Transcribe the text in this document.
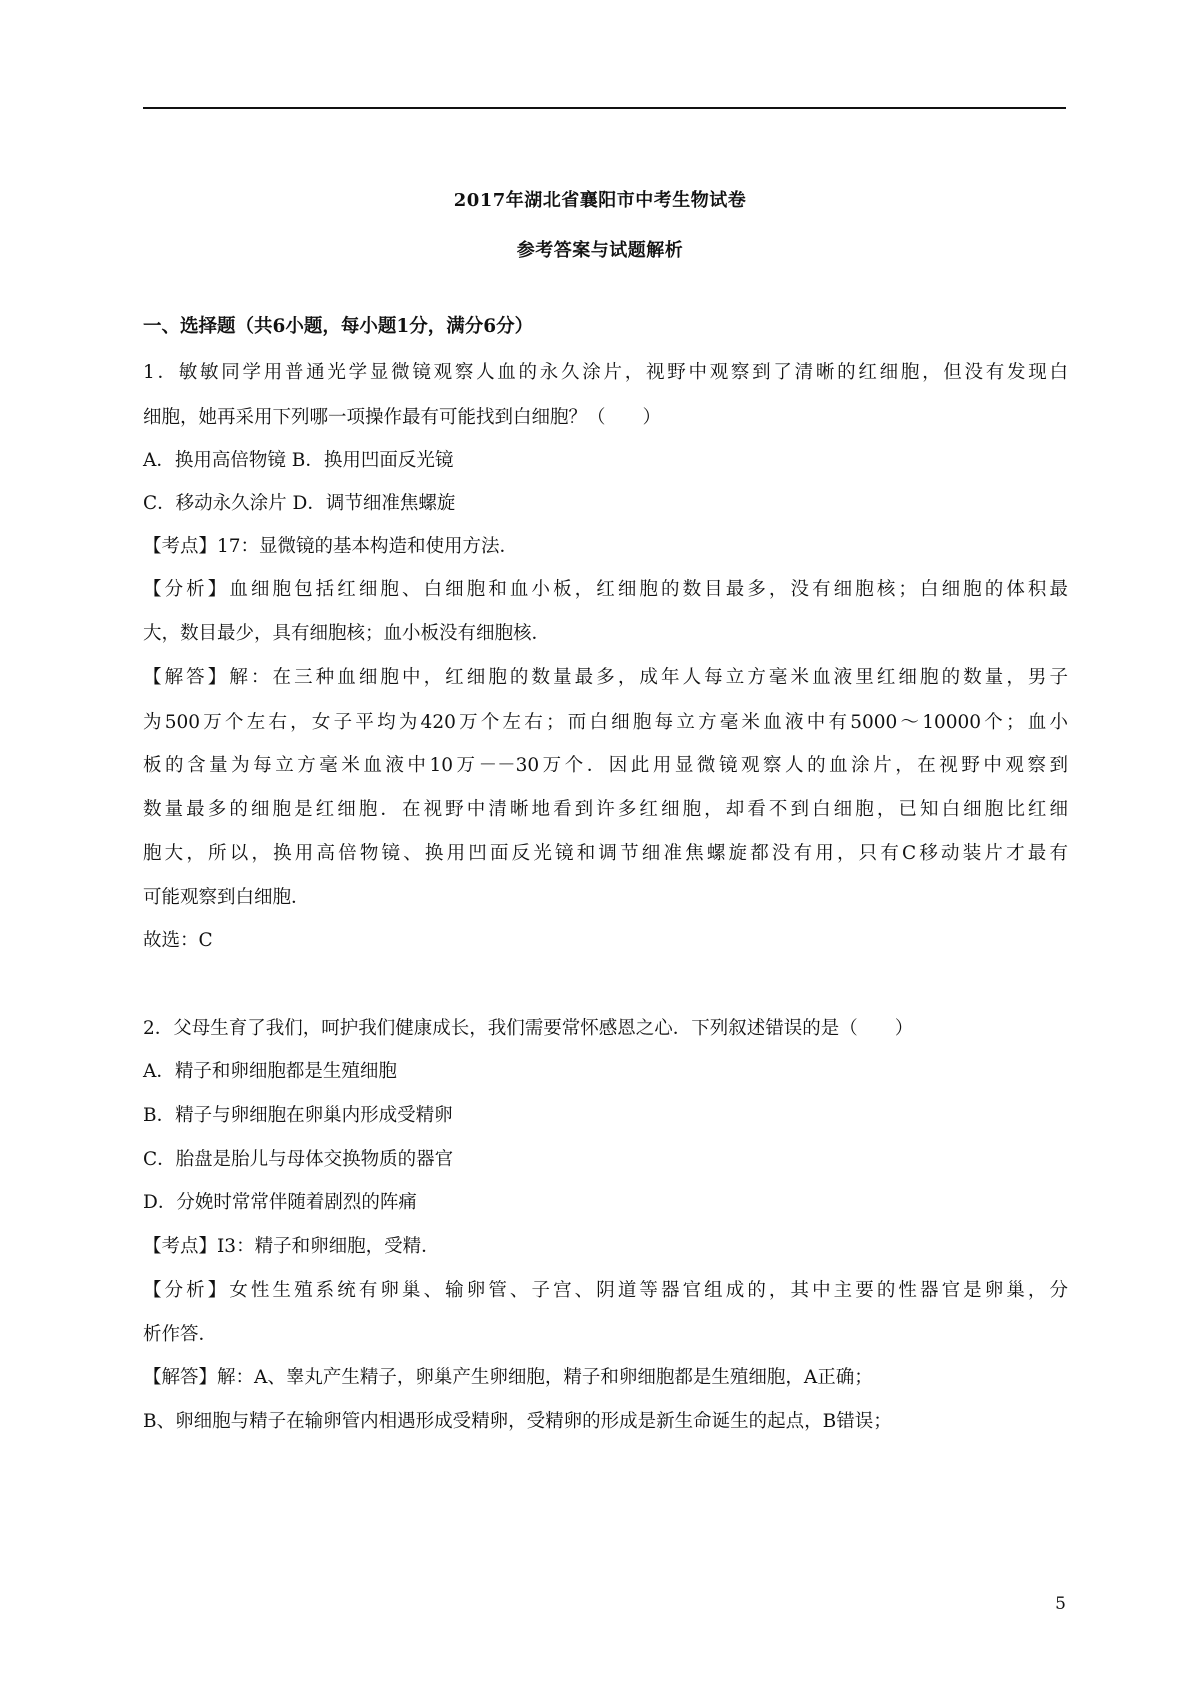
2017年湖北省襄阳市中考生物试卷
参考答案与试题解析
一、选择题（共6小题，每小题1分，满分6分）
1．敏敏同学用普通光学显微镜观察人血的永久涂片，视野中观察到了清晰的红细胞，但没有发现白
细胞，她再采用下列哪一项操作最有可能找到白细胞？（　　）
A．换用高倍物镜 B．换用凹面反光镜
C．移动永久涂片 D．调节细准焦螺旋
【考点】17：显微镜的基本构造和使用方法．
【分析】血细胞包括红细胞、白细胞和血小板，红细胞的数目最多，没有细胞核；白细胞的体积最
大，数目最少，具有细胞核；血小板没有细胞核．
【解答】解：在三种血细胞中，红细胞的数量最多，成年人每立方毫米血液里红细胞的数量，男子
为500万个左右，女子平均为420万个左右；而白细胞每立方毫米血液中有5000～10000个；血小
板的含量为每立方毫米血液中10万－－30万个．因此用显微镜观察人的血涂片，在视野中观察到
数量最多的细胞是红细胞．在视野中清晰地看到许多红细胞，却看不到白细胞，已知白细胞比红细
胞大，所以，换用高倍物镜、换用凹面反光镜和调节细准焦螺旋都没有用，只有C移动装片才最有
可能观察到白细胞．
故选：C
2．父母生育了我们，呵护我们健康成长，我们需要常怀感恩之心．下列叙述错误的是（　　）
A．精子和卵细胞都是生殖细胞
B．精子与卵细胞在卵巢内形成受精卵
C．胎盘是胎儿与母体交换物质的器官
D．分娩时常常伴随着剧烈的阵痛
【考点】I3：精子和卵细胞，受精．
【分析】女性生殖系统有卵巢、输卵管、子宫、阴道等器官组成的，其中主要的性器官是卵巢，分
析作答．
【解答】解：A、睾丸产生精子，卵巢产生卵细胞，精子和卵细胞都是生殖细胞，A正确；
B、卵细胞与精子在输卵管内相遇形成受精卵，受精卵的形成是新生命诞生的起点，B错误；
5
